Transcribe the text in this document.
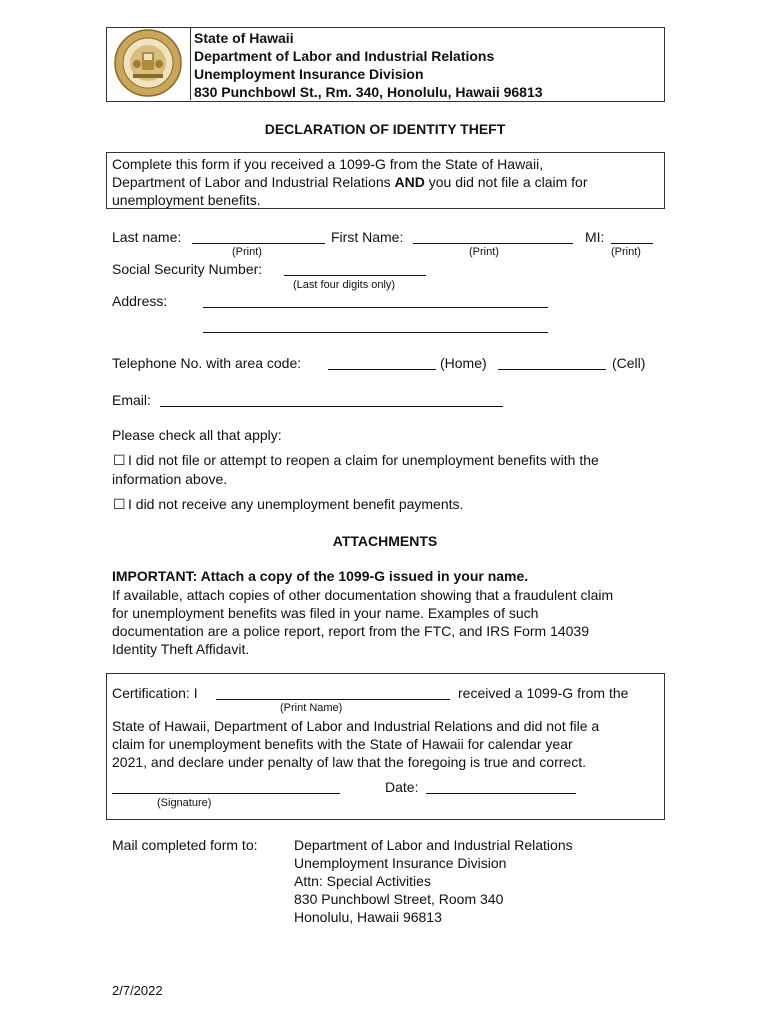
State of Hawaii
Department of Labor and Industrial Relations
Unemployment Insurance Division
830 Punchbowl St., Rm. 340, Honolulu, Hawaii 96813
DECLARATION OF IDENTITY THEFT
Complete this form if you received a 1099-G from the State of Hawaii,
Department of Labor and Industrial Relations AND you did not file a claim for
unemployment benefits.
Last name:
(Print)
First Name:
(Print)
MI:
(Print)
Social Security Number:
(Last four digits only)
Address:
Telephone No. with area code:	(Home)	(Cell)
Email:
Please check all that apply:
☐ I did not file or attempt to reopen a claim for unemployment benefits with the
information above.
☐ I did not receive any unemployment benefit payments.
ATTACHMENTS
IMPORTANT: Attach a copy of the 1099-G issued in your name.
If available, attach copies of other documentation showing that a fraudulent claim
for unemployment benefits was filed in your name. Examples of such
documentation are a police report, report from the FTC, and IRS Form 14039
Identity Theft Affidavit.
Certification: I	received a 1099-G from the
(Print Name)
State of Hawaii, Department of Labor and Industrial Relations and did not file a
claim for unemployment benefits with the State of Hawaii for calendar year
2021, and declare under penalty of law that the foregoing is true and correct.
(Signature)
Date:
Mail completed form to:	Department of Labor and Industrial Relations
Unemployment Insurance Division
Attn: Special Activities
830 Punchbowl Street, Room 340
Honolulu, Hawaii 96813
2/7/2022
